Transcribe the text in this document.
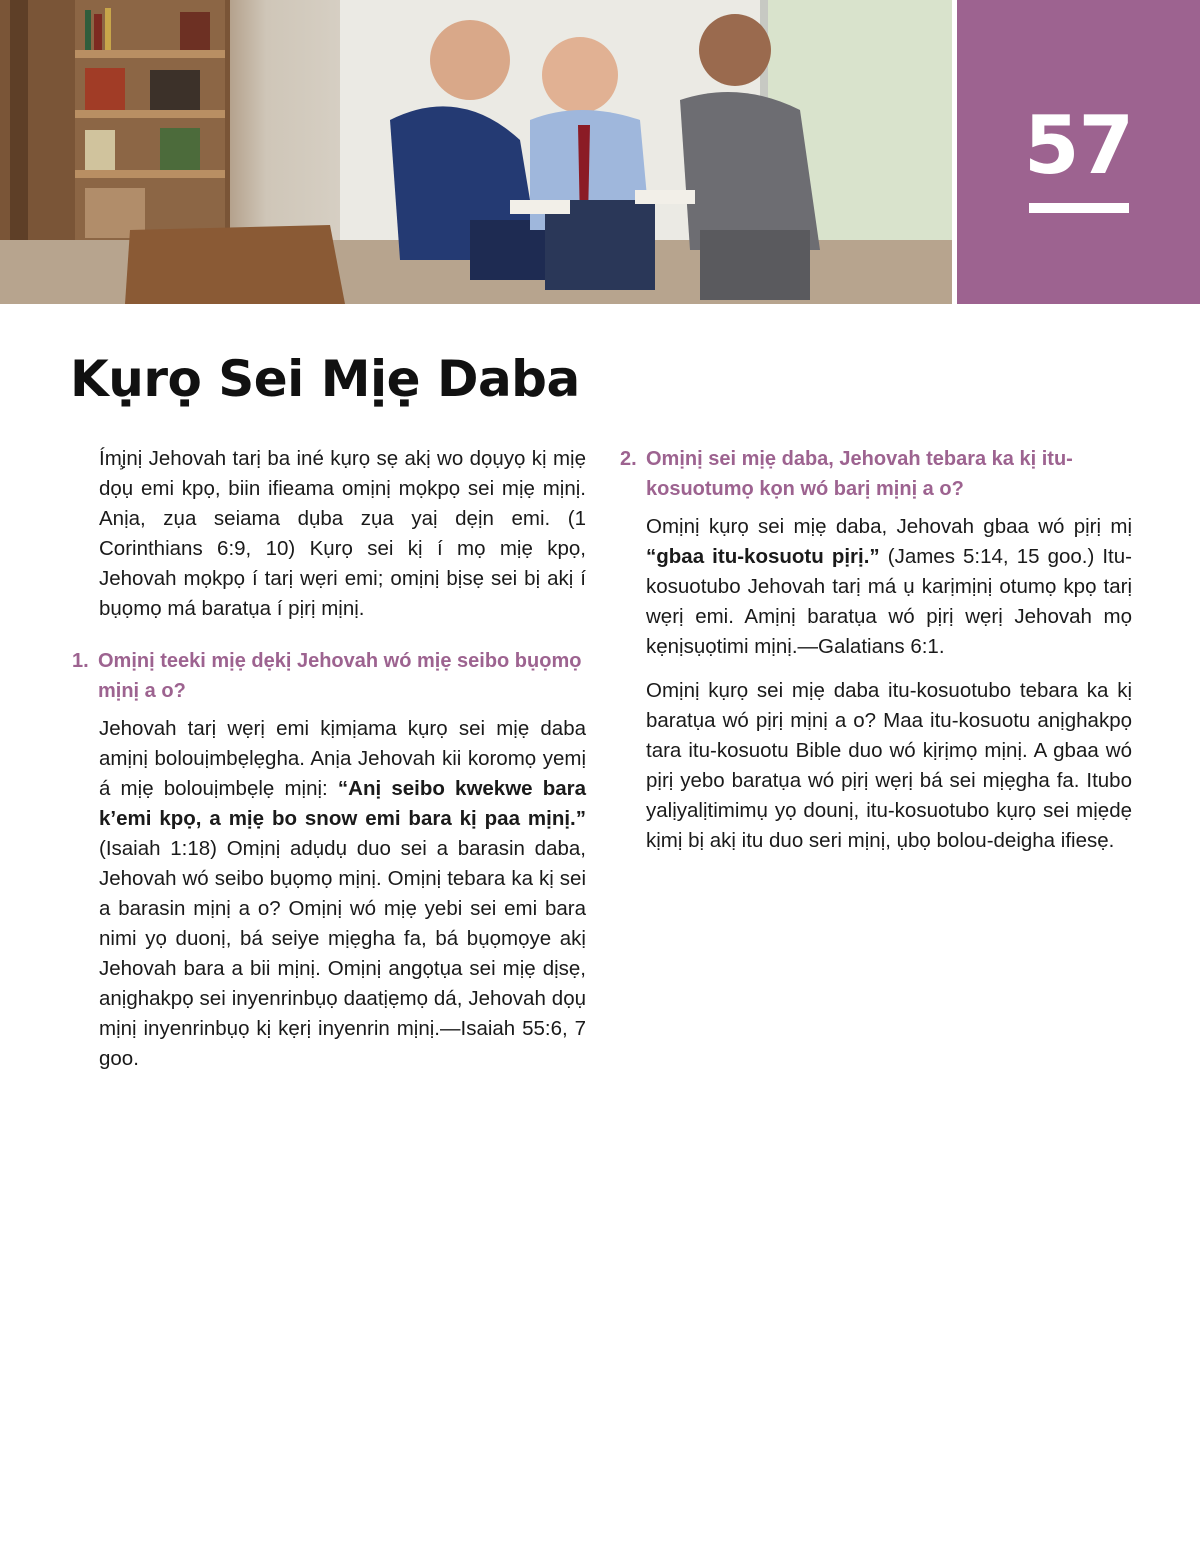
57
Kụrọ Sei Mịẹ Daba

Ím̧ịnị Jehovah tarị ba iné kụrọ sẹ akị wo dọụyọ kị mịẹ dọụ emi kpọ, biin ifieama omịnị mọkpọ sei mịẹ mịnị. Anịa, zụa seiama dụba zụa yaị dẹịn emi. (1 Corinthians 6:9, 10) Kụrọ sei kị í mọ mịẹ kpọ, Jehovah mọkpọ í tarị wẹri emi; omịnị bịsẹ sei bị akị í bụọmọ má baratụa í pịrị mịnị.

1. Omịnị teeki mịẹ dẹkị Jehovah wó mịẹ seibo bụọmọ mịnị a o?

Jehovah tarị wẹrị emi kịmịama kụrọ sei mịẹ daba amịnị bolouịmbẹlẹgha. Anịa Jehovah kii koromọ yemị á mịẹ bolouịmbẹlẹ mịnị: “Anị seibo kwekwe bara k’emi kpọ, a mịẹ bo snow emi bara kị paa mịnị.” (Isaiah 1:18) Omịnị adụdụ duo sei a barasin daba, Jehovah wó seibo bụọmọ mịnị. Omịnị tebara ka kị sei a barasin mịnị a o? Omịnị wó mịẹ yebi sei emi bara nimi yọ duonị, bá seiye mịẹgha fa, bá bụọmọye akị Jehovah bara a bii mịnị. Omịnị angọtụa sei mịẹ dịsẹ, anịghakpọ sei inyenrinbụọ daatịẹmọ dá, Jehovah dọụ mịnị inyenrinbụọ kị kẹrị inyenrin mịnị.—Isaiah 55:6, 7 goo.

2. Omịnị sei mịẹ daba, Jehovah tebara ka kị itu-kosuotumọ kọn wó barị mịnị a o?

Omịnị kụrọ sei mịẹ daba, Jehovah gbaa wó pịrị mị “gbaa itu-kosuotu pịrị.” (James 5:14, 15 goo.) Itu-kosuotubo Jehovah tarị má ụ karịmịnị otumọ kpọ tarị wẹrị emi. Amịnị baratụa wó pịrị wẹrị Jehovah mọ kẹnịsụọtimi mịnị.—Galatians 6:1.

Omịnị kụrọ sei mịẹ daba itu-kosuotubo tebara ka kị baratụa wó pịrị mịnị a o? Maa itu-kosuotu anịghakpọ tara itu-kosuotu Bible duo wó kịrịmọ mịnị. A gbaa wó pịrị yebo baratụa wó pịrị wẹrị bá sei mịẹgha fa. Itubo yalịyalịtimimụ yọ dounị, itu-kosuotubo kụrọ sei mịẹdẹ kịmị bị akị itu duo seri mịnị, ụbọ bolou-deigha ifiesẹ.
